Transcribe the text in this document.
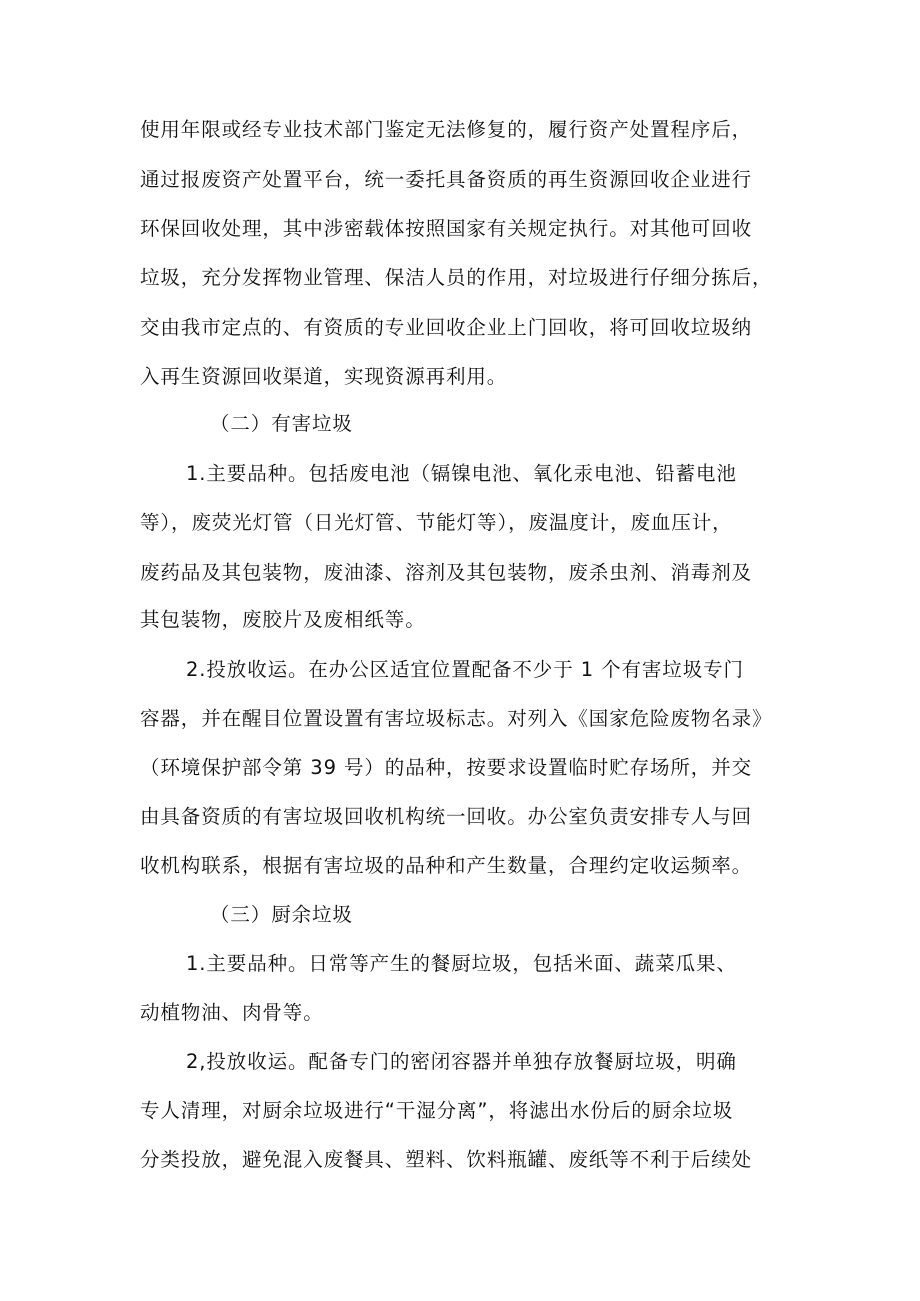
使用年限或经专业技术部门鉴定无法修复的，履行资产处置程序后，
通过报废资产处置平台，统一委托具备资质的再生资源回收企业进行
环保回收处理，其中涉密载体按照国家有关规定执行。对其他可回收
垃圾，充分发挥物业管理、保洁人员的作用，对垃圾进行仔细分拣后，
交由我市定点的、有资质的专业回收企业上门回收，将可回收垃圾纳
入再生资源回收渠道，实现资源再利用。
（二）有害垃圾
1.主要品种。包括废电池（镉镍电池、氧化汞电池、铅蓄电池
等），废荧光灯管（日光灯管、节能灯等），废温度计，废血压计，
废药品及其包装物，废油漆、溶剂及其包装物，废杀虫剂、消毒剂及
其包装物，废胶片及废相纸等。
2.投放收运。在办公区适宜位置配备不少于 1 个有害垃圾专门
容器，并在醒目位置设置有害垃圾标志。对列入《国家危险废物名录》
（环境保护部令第 39 号）的品种，按要求设置临时贮存场所，并交
由具备资质的有害垃圾回收机构统一回收。办公室负责安排专人与回
收机构联系，根据有害垃圾的品种和产生数量，合理约定收运频率。
（三）厨余垃圾
1.主要品种。日常等产生的餐厨垃圾，包括米面、蔬菜瓜果、
动植物油、肉骨等。
2,投放收运。配备专门的密闭容器并单独存放餐厨垃圾，明确
专人清理，对厨余垃圾进行“干湿分离”，将滤出水份后的厨余垃圾
分类投放，避免混入废餐具、塑料、饮料瓶罐、废纸等不利于后续处
